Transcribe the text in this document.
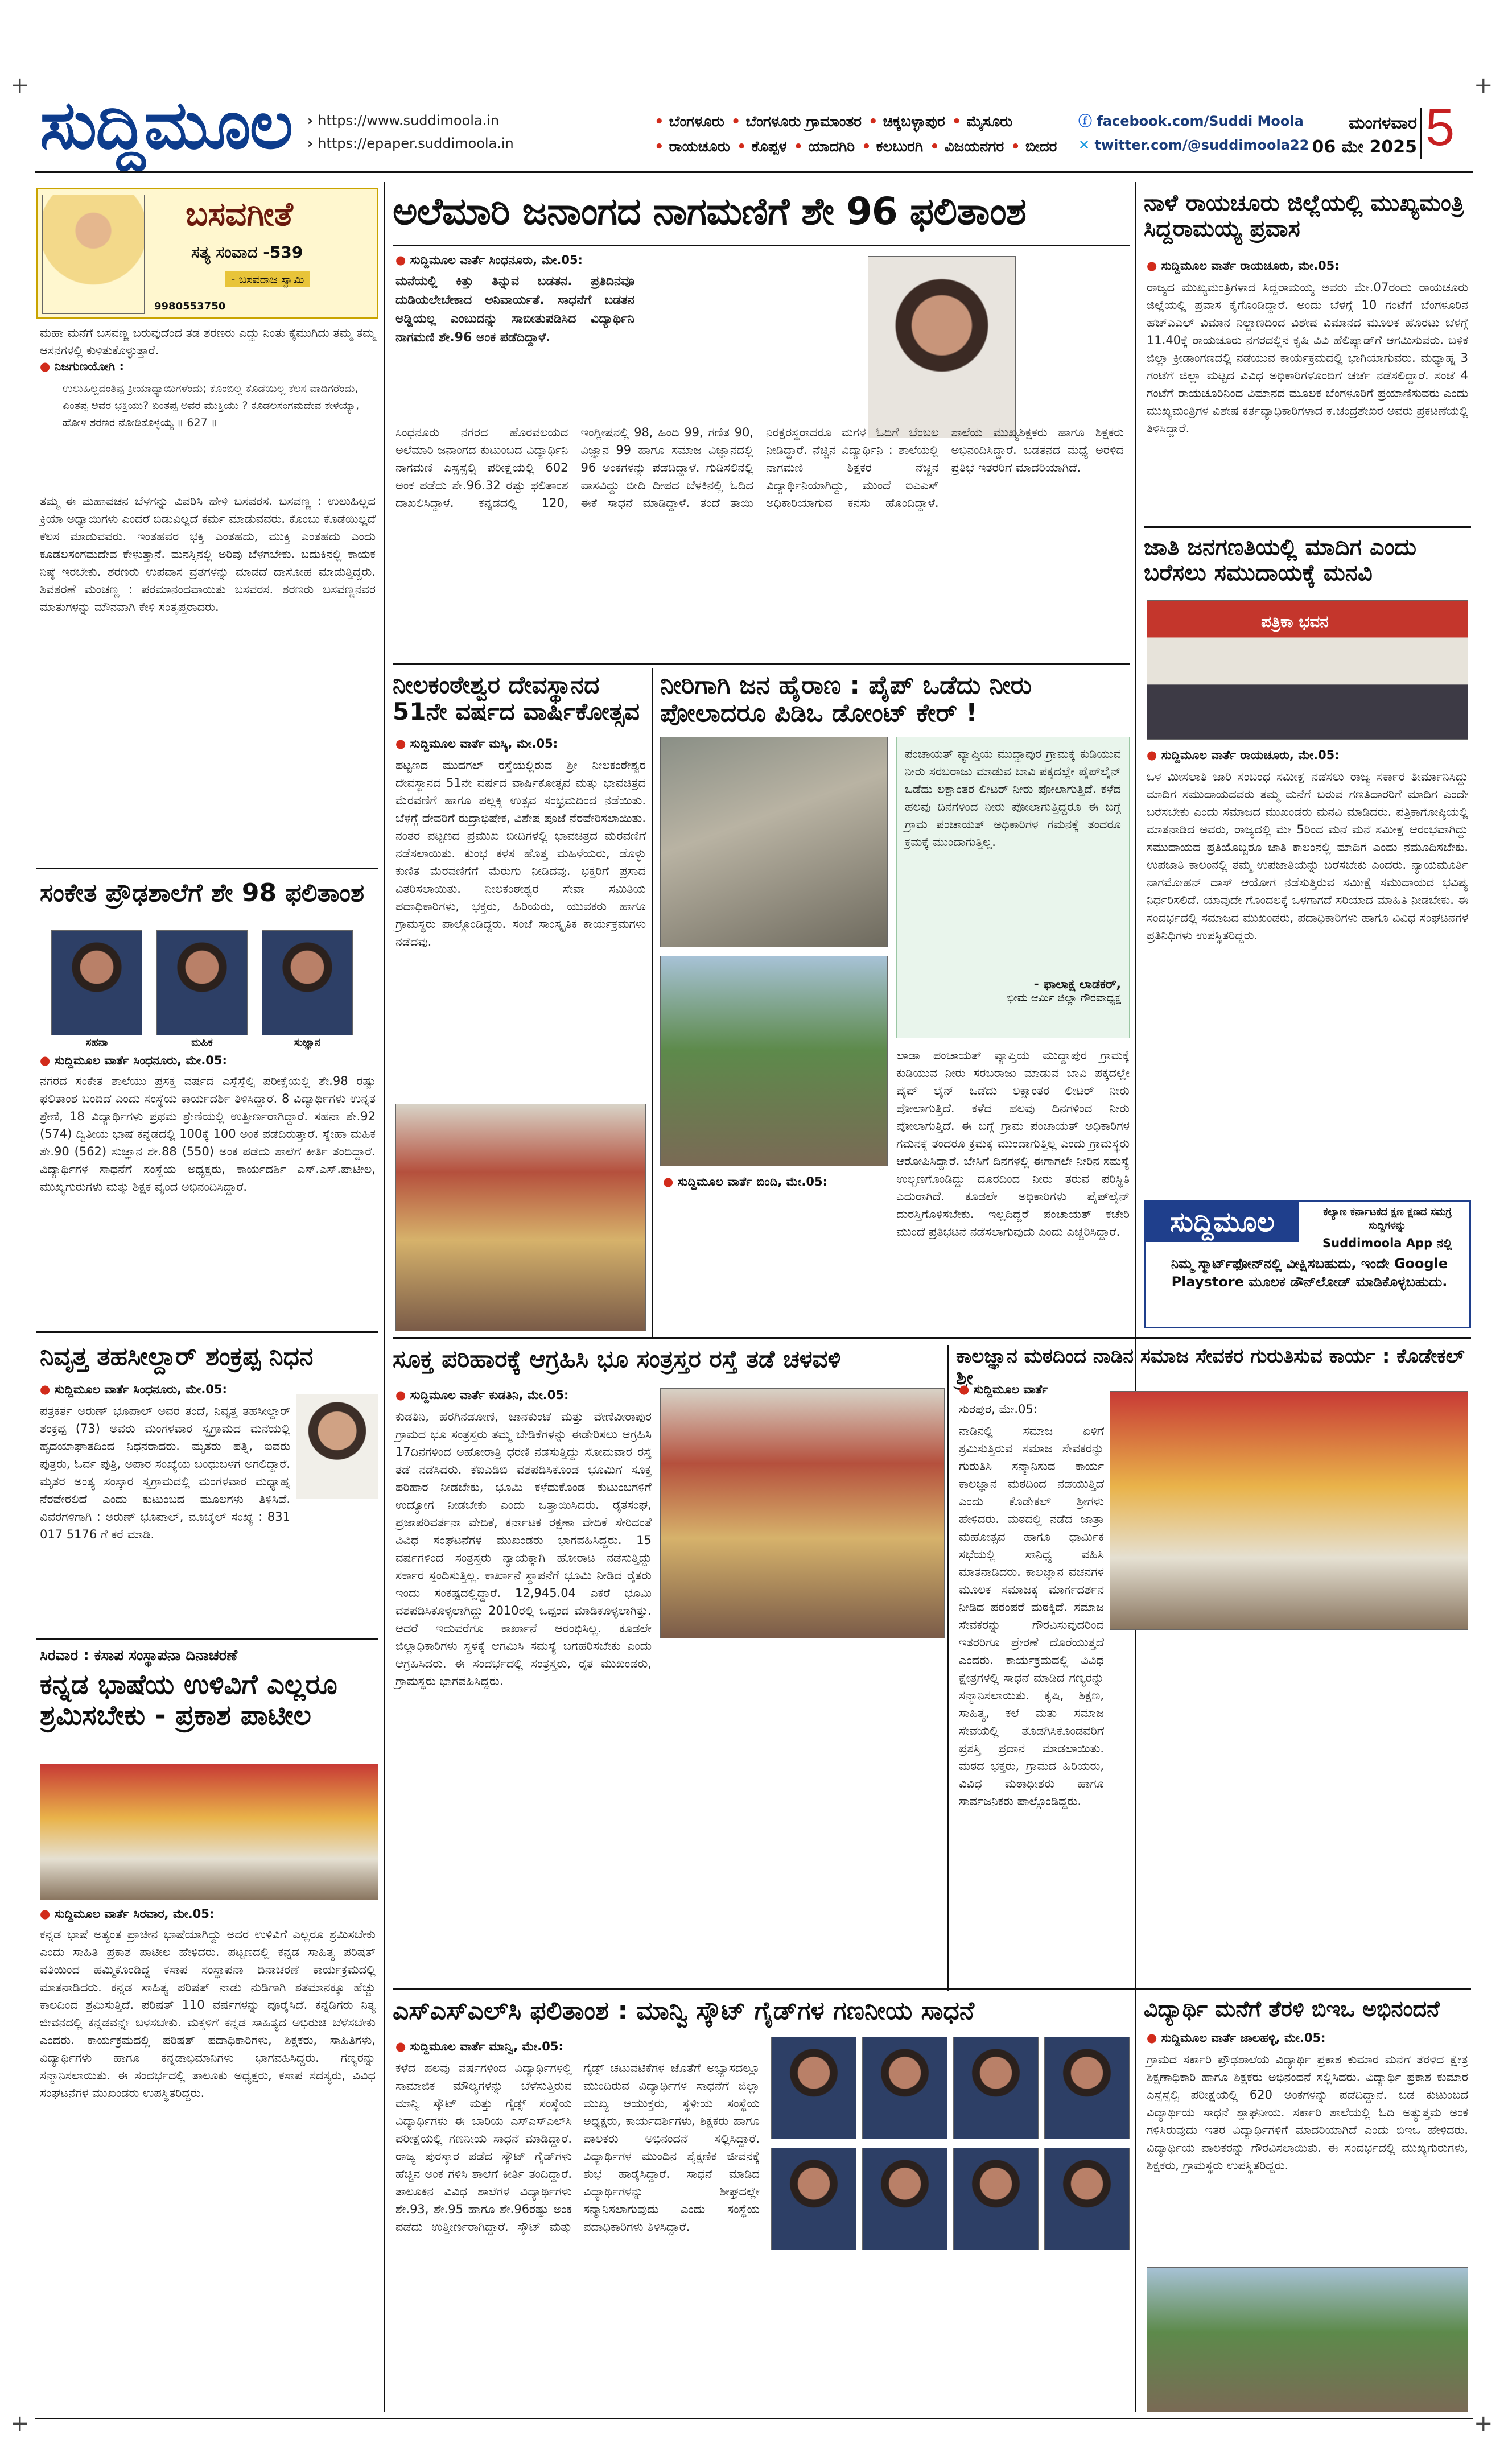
+	+
+	+
ಸುದ್ದಿಮೂಲ	› https://www.suddimoola.in
› https://epaper.suddimoola.in
• ಬೆಂಗಳೂರು • ಬೆಂಗಳೂರು ಗ್ರಾಮಾಂತರ • ಚಿಕ್ಕಬಳ್ಳಾಪುರ • ಮೈಸೂರು
• ರಾಯಚೂರು • ಕೊಪ್ಪಳ • ಯಾದಗಿರಿ • ಕಲಬುರಗಿ • ವಿಜಯನಗರ • ಬೀದರ
ⓕ facebook.com/Suddi Moola
✕ twitter.com/@suddimoola22
ಮಂಗಳವಾರ
06 ಮೇ 2025 5
ಬಸವಗೀತೆ
ಸತ್ಯ ಸಂವಾದ -539
- ಬಸವರಾಜ ಸ್ವಾಮಿ
9980553750
ಮಹಾ ಮನೆಗೆ ಬಸವಣ್ಣ ಬರುವುದೆಂದ ತಡ ಶರಣರು ಎದ್ದು ನಿಂತು ಕೈಮುಗಿದು ತಮ್ಮ ತಮ್ಮ ಆಸನಗಳಲ್ಲಿ ಕುಳಿತುಕೊಳ್ಳುತ್ತಾರೆ.
● ನಿಜಗುಣಯೋಗಿ :
ಉಲುಹಿಲ್ಲದಂತಿಪ್ಪ ಕ್ರೀಯಾಧ್ಯಾಯಿಗಳೆಂದು; ಕೊಂಬಿಲ್ಲ ಕೊಡೆಯಿಲ್ಲ ಕೆಲಸ ವಾದಿಗರೆಂದು, ಏಂತಪ್ಪ ಅವರ ಭಕ್ತಿಯು? ಏಂತಪ್ಪ ಅವರ ಮುಕ್ತಿಯು ? ಕೂಡಲಸಂಗಮದೇವ ಕೇಳಯ್ಯಾ, ಹೋಳಿ ಶರಣರ ನೋಡಿಕೊಳ್ಳಯ್ಯ ॥ 627 ॥
ತಮ್ಮ ಈ ಮಹಾವಚನ ಬೆಳಗನ್ನು ವಿವರಿಸಿ ಹೇಳಿ ಬಸವರಸ. ಬಸವಣ್ಣ : ಉಲುಹಿಲ್ಲದ ಕ್ರಿಯಾ ಅಧ್ಯಾಯಿಗಳು ಎಂದರೆ ಬಿಡುವಿಲ್ಲದೆ ಕರ್ಮ ಮಾಡುವವರು. ಕೊಂಬು ಕೊಡೆಯಿಲ್ಲದೆ ಕೆಲಸ ಮಾಡುವವರು. ಇಂತಹವರ ಭಕ್ತಿ ಎಂತಹದು, ಮುಕ್ತಿ ಎಂತಹದು ಎಂದು ಕೂಡಲಸಂಗಮದೇವ ಕೇಳುತ್ತಾನೆ. ಮನಸ್ಸಿನಲ್ಲಿ ಅರಿವು ಬೆಳಗಬೇಕು. ಬದುಕಿನಲ್ಲಿ ಕಾಯಕ ನಿಷ್ಠೆ ಇರಬೇಕು. ಶರಣರು ಉಪವಾಸ ವ್ರತಗಳನ್ನು ಮಾಡದೆ ದಾಸೋಹ ಮಾಡುತ್ತಿದ್ದರು. ಶಿವಶರಣೆ ಮಂಚಣ್ಣ : ಪರಮಾನಂದವಾಯಿತು ಬಸವರಸ. ಶರಣರು ಬಸವಣ್ಣನವರ ಮಾತುಗಳನ್ನು ಮೌನವಾಗಿ ಕೇಳಿ ಸಂತೃಪ್ತರಾದರು.
ಸಂಕೇತ ಪ್ರೌಢಶಾಲೆಗೆ ಶೇ 98 ಫಲಿತಾಂಶ
ಸಹನಾ	ಮಹಿಕ	ಸುಜ್ಞಾನ
● ಸುದ್ದಿಮೂಲ ವಾರ್ತೆ ಸಿಂಧನೂರು, ಮೇ.05:
ನಗರದ ಸಂಕೇತ ಶಾಲೆಯು ಪ್ರಸಕ್ತ ವರ್ಷದ ಎಸ್ಸೆಸ್ಸೆಲ್ಸಿ ಪರೀಕ್ಷೆಯಲ್ಲಿ ಶೇ.98 ರಷ್ಟು ಫಲಿತಾಂಶ ಬಂದಿದೆ ಎಂದು ಸಂಸ್ಥೆಯ ಕಾರ್ಯದರ್ಶಿ ತಿಳಿಸಿದ್ದಾರೆ. 8 ವಿದ್ಯಾರ್ಥಿಗಳು ಉನ್ನತ ಶ್ರೇಣಿ, 18 ವಿದ್ಯಾರ್ಥಿಗಳು ಪ್ರಥಮ ಶ್ರೇಣಿಯಲ್ಲಿ ಉತ್ತೀರ್ಣರಾಗಿದ್ದಾರೆ. ಸಹನಾ ಶೇ.92 (574) ದ್ವಿತೀಯ ಭಾಷೆ ಕನ್ನಡದಲ್ಲಿ 100ಕ್ಕೆ 100 ಅಂಕ ಪಡೆದಿರುತ್ತಾರೆ. ಸ್ನೇಹಾ ಮಹಿಕ ಶೇ.90 (562) ಸುಜ್ಞಾನ ಶೇ.88 (550) ಅಂಕ ಪಡೆದು ಶಾಲೆಗೆ ಕೀರ್ತಿ ತಂದಿದ್ದಾರೆ. ವಿದ್ಯಾರ್ಥಿಗಳ ಸಾಧನೆಗೆ ಸಂಸ್ಥೆಯ ಅಧ್ಯಕ್ಷರು, ಕಾರ್ಯದರ್ಶಿ ಎಸ್.ಎಸ್.ಪಾಟೀಲ, ಮುಖ್ಯಗುರುಗಳು ಮತ್ತು ಶಿಕ್ಷಕ ವೃಂದ ಅಭಿನಂದಿಸಿದ್ದಾರೆ.
ನಿವೃತ್ತ ತಹಸೀಲ್ದಾರ್ ಶಂಕ್ರಪ್ಪ ನಿಧನ
● ಸುದ್ದಿಮೂಲ ವಾರ್ತೆ ಸಿಂಧನೂರು, ಮೇ.05:
ಪತ್ರಕರ್ತ ಅರುಣ್ ಭೂಪಾಲ್ ಅವರ ತಂದೆ, ನಿವೃತ್ತ ತಹಸೀಲ್ದಾರ್ ಶಂಕ್ರಪ್ಪ (73) ಅವರು ಮಂಗಳವಾರ ಸ್ವಗ್ರಾಮದ ಮನೆಯಲ್ಲಿ ಹೃದಯಾಘಾತದಿಂದ ನಿಧನರಾದರು. ಮೃತರು ಪತ್ನಿ, ಐವರು ಪುತ್ರರು, ಓರ್ವ ಪುತ್ರಿ, ಅಪಾರ ಸಂಖ್ಯೆಯ ಬಂಧುಬಳಗ ಅಗಲಿದ್ದಾರೆ. ಮೃತರ ಅಂತ್ಯ ಸಂಸ್ಕಾರ ಸ್ವಗ್ರಾಮದಲ್ಲಿ ಮಂಗಳವಾರ ಮಧ್ಯಾಹ್ನ ನೆರವೇರಲಿದೆ ಎಂದು ಕುಟುಂಬದ ಮೂಲಗಳು ತಿಳಿಸಿವೆ. ವಿವರಗಳಿಗಾಗಿ : ಅರುಣ್ ಭೂಪಾಲ್, ಮೊಬೈಲ್ ಸಂಖ್ಯೆ : 831 017 5176 ಗೆ ಕರೆ ಮಾಡಿ.
ಸಿರವಾರ : ಕಸಾಪ ಸಂಸ್ಥಾಪನಾ ದಿನಾಚರಣೆ
ಕನ್ನಡ ಭಾಷೆಯ ಉಳಿವಿಗೆ ಎಲ್ಲರೂ ಶ್ರಮಿಸಬೇಕು - ಪ್ರಕಾಶ ಪಾಟೀಲ
● ಸುದ್ದಿಮೂಲ ವಾರ್ತೆ ಸಿರವಾರ, ಮೇ.05:
ಕನ್ನಡ ಭಾಷೆ ಅತ್ಯಂತ ಪ್ರಾಚೀನ ಭಾಷೆಯಾಗಿದ್ದು ಅದರ ಉಳಿವಿಗೆ ಎಲ್ಲರೂ ಶ್ರಮಿಸಬೇಕು ಎಂದು ಸಾಹಿತಿ ಪ್ರಕಾಶ ಪಾಟೀಲ ಹೇಳಿದರು. ಪಟ್ಟಣದಲ್ಲಿ ಕನ್ನಡ ಸಾಹಿತ್ಯ ಪರಿಷತ್ ವತಿಯಿಂದ ಹಮ್ಮಿಕೊಂಡಿದ್ದ ಕಸಾಪ ಸಂಸ್ಥಾಪನಾ ದಿನಾಚರಣೆ ಕಾರ್ಯಕ್ರಮದಲ್ಲಿ ಮಾತನಾಡಿದರು. ಕನ್ನಡ ಸಾಹಿತ್ಯ ಪರಿಷತ್ ನಾಡು ನುಡಿಗಾಗಿ ಶತಮಾನಕ್ಕೂ ಹೆಚ್ಚು ಕಾಲದಿಂದ ಶ್ರಮಿಸುತ್ತಿದೆ. ಪರಿಷತ್ 110 ವರ್ಷಗಳನ್ನು ಪೂರೈಸಿದೆ. ಕನ್ನಡಿಗರು ನಿತ್ಯ ಜೀವನದಲ್ಲಿ ಕನ್ನಡವನ್ನೇ ಬಳಸಬೇಕು. ಮಕ್ಕಳಿಗೆ ಕನ್ನಡ ಸಾಹಿತ್ಯದ ಅಭಿರುಚಿ ಬೆಳೆಸಬೇಕು ಎಂದರು. ಕಾರ್ಯಕ್ರಮದಲ್ಲಿ ಪರಿಷತ್ ಪದಾಧಿಕಾರಿಗಳು, ಶಿಕ್ಷಕರು, ಸಾಹಿತಿಗಳು, ವಿದ್ಯಾರ್ಥಿಗಳು ಹಾಗೂ ಕನ್ನಡಾಭಿಮಾನಿಗಳು ಭಾಗವಹಿಸಿದ್ದರು. ಗಣ್ಯರನ್ನು ಸನ್ಮಾನಿಸಲಾಯಿತು. ಈ ಸಂದರ್ಭದಲ್ಲಿ ತಾಲೂಕು ಅಧ್ಯಕ್ಷರು, ಕಸಾಪ ಸದಸ್ಯರು, ವಿವಿಧ ಸಂಘಟನೆಗಳ ಮುಖಂಡರು ಉಪಸ್ಥಿತರಿದ್ದರು.
ಅಲೆಮಾರಿ ಜನಾಂಗದ ನಾಗಮಣಿಗೆ ಶೇ 96 ಫಲಿತಾಂಶ
● ಸುದ್ದಿಮೂಲ ವಾರ್ತೆ ಸಿಂಧನೂರು, ಮೇ.05:
ಮನೆಯಲ್ಲಿ ಕಿತ್ತು ತಿನ್ನುವ ಬಡತನ. ಪ್ರತಿದಿನವೂ ದುಡಿಯಲೇಬೇಕಾದ ಅನಿವಾರ್ಯತೆ. ಸಾಧನೆಗೆ ಬಡತನ ಅಡ್ಡಿಯಲ್ಲ ಎಂಬುದನ್ನು ಸಾಬೀತುಪಡಿಸಿದ ವಿದ್ಯಾರ್ಥಿನಿ ನಾಗಮಣಿ ಶೇ.96 ಅಂಕ ಪಡೆದಿದ್ದಾಳೆ.
ಸಿಂಧನೂರು ನಗರದ ಹೊರವಲಯದ ಅಲೆಮಾರಿ ಜನಾಂಗದ ಕುಟುಂಬದ ವಿದ್ಯಾರ್ಥಿನಿ ನಾಗಮಣಿ ಎಸ್ಸೆಸ್ಸೆಲ್ಸಿ ಪರೀಕ್ಷೆಯಲ್ಲಿ 602 ಅಂಕ ಪಡೆದು ಶೇ.96.32 ರಷ್ಟು ಫಲಿತಾಂಶ ದಾಖಲಿಸಿದ್ದಾಳೆ. ಕನ್ನಡದಲ್ಲಿ 120, ಇಂಗ್ಲೀಷನಲ್ಲಿ 98, ಹಿಂದಿ 99, ಗಣಿತ 90, ವಿಜ್ಞಾನ 99 ಹಾಗೂ ಸಮಾಜ ವಿಜ್ಞಾನದಲ್ಲಿ 96 ಅಂಕಗಳನ್ನು ಪಡೆದಿದ್ದಾಳೆ. ಗುಡಿಸಲಿನಲ್ಲಿ ವಾಸವಿದ್ದು ಬೀದಿ ದೀಪದ ಬೆಳಕಿನಲ್ಲಿ ಓದಿದ ಈಕೆ ಸಾಧನೆ ಮಾಡಿದ್ದಾಳೆ. ತಂದೆ ತಾಯಿ ನಿರಕ್ಷರಸ್ಥರಾದರೂ ಮಗಳ ಓದಿಗೆ ಬೆಂಬಲ ನೀಡಿದ್ದಾರೆ. ನೆಚ್ಚಿನ ವಿದ್ಯಾರ್ಥಿನಿ : ಶಾಲೆಯಲ್ಲಿ ನಾಗಮಣಿ ಶಿಕ್ಷಕರ ನೆಚ್ಚಿನ ವಿದ್ಯಾರ್ಥಿನಿಯಾಗಿದ್ದು, ಮುಂದೆ ಐಎಎಸ್ ಅಧಿಕಾರಿಯಾಗುವ ಕನಸು ಹೊಂದಿದ್ದಾಳೆ. ಶಾಲೆಯ ಮುಖ್ಯಶಿಕ್ಷಕರು ಹಾಗೂ ಶಿಕ್ಷಕರು ಅಭಿನಂದಿಸಿದ್ದಾರೆ. ಬಡತನದ ಮಧ್ಯೆ ಅರಳಿದ ಪ್ರತಿಭೆ ಇತರರಿಗೆ ಮಾದರಿಯಾಗಿದೆ.
ನೀಲಕಂಠೇಶ್ವರ ದೇವಸ್ಥಾನದ 51ನೇ ವರ್ಷದ ವಾರ್ಷಿಕೋತ್ಸವ
● ಸುದ್ದಿಮೂಲ ವಾರ್ತೆ ಮಸ್ಕಿ, ಮೇ.05:
ಪಟ್ಟಣದ ಮುದಗಲ್ ರಸ್ತೆಯಲ್ಲಿರುವ ಶ್ರೀ ನೀಲಕಂಠೇಶ್ವರ ದೇವಸ್ಥಾನದ 51ನೇ ವರ್ಷದ ವಾರ್ಷಿಕೋತ್ಸವ ಮತ್ತು ಭಾವಚಿತ್ರದ ಮೆರವಣಿಗೆ ಹಾಗೂ ಪಲ್ಲಕ್ಕಿ ಉತ್ಸವ ಸಂಭ್ರಮದಿಂದ ನಡೆಯಿತು. ಬೆಳಗ್ಗೆ ದೇವರಿಗೆ ರುದ್ರಾಭಿಷೇಕ, ವಿಶೇಷ ಪೂಜೆ ನೆರವೇರಿಸಲಾಯಿತು. ನಂತರ ಪಟ್ಟಣದ ಪ್ರಮುಖ ಬೀದಿಗಳಲ್ಲಿ ಭಾವಚಿತ್ರದ ಮೆರವಣಿಗೆ ನಡೆಸಲಾಯಿತು. ಕುಂಭ ಕಳಸ ಹೊತ್ತ ಮಹಿಳೆಯರು, ಡೊಳ್ಳು ಕುಣಿತ ಮೆರವಣಿಗೆಗೆ ಮೆರುಗು ನೀಡಿದವು. ಭಕ್ತರಿಗೆ ಪ್ರಸಾದ ವಿತರಿಸಲಾಯಿತು. ನೀಲಕಂಠೇಶ್ವರ ಸೇವಾ ಸಮಿತಿಯ ಪದಾಧಿಕಾರಿಗಳು, ಭಕ್ತರು, ಹಿರಿಯರು, ಯುವಕರು ಹಾಗೂ ಗ್ರಾಮಸ್ಥರು ಪಾಲ್ಗೊಂಡಿದ್ದರು. ಸಂಜೆ ಸಾಂಸ್ಕೃತಿಕ ಕಾರ್ಯಕ್ರಮಗಳು ನಡೆದವು.
ನೀರಿಗಾಗಿ ಜನ ಹೈರಾಣ : ಪೈಪ್ ಒಡೆದು ನೀರು ಪೋಲಾದರೂ ಪಿಡಿಒ ಡೋಂಟ್ ಕೇರ್ !
ಪಂಚಾಯತ್ ವ್ಯಾಪ್ತಿಯ ಮುದ್ದಾಪುರ ಗ್ರಾಮಕ್ಕೆ ಕುಡಿಯುವ ನೀರು ಸರಬರಾಜು ಮಾಡುವ ಬಾವಿ ಪಕ್ಕದಲ್ಲೇ ಪೈಪ್‌ಲೈನ್ ಒಡೆದು ಲಕ್ಷಾಂತರ ಲೀಟರ್ ನೀರು ಪೋಲಾಗುತ್ತಿದೆ. ಕಳೆದ ಹಲವು ದಿನಗಳಿಂದ ನೀರು ಪೋಲಾಗುತ್ತಿದ್ದರೂ ಈ ಬಗ್ಗೆ ಗ್ರಾಮ ಪಂಚಾಯತ್ ಅಧಿಕಾರಿಗಳ ಗಮನಕ್ಕೆ ತಂದರೂ ಕ್ರಮಕ್ಕೆ ಮುಂದಾಗುತ್ತಿಲ್ಲ.
- ಫಾಲಾಕ್ಷ ಲಾಡಕರ್,
ಭೀಮ ಆರ್ಮಿ ಜಿಲ್ಲಾ ಗೌರವಾಧ್ಯಕ್ಷ
ಲಾಡಾ ಪಂಚಾಯತ್ ವ್ಯಾಪ್ತಿಯ ಮುದ್ದಾಪುರ ಗ್ರಾಮಕ್ಕೆ ಕುಡಿಯುವ ನೀರು ಸರಬರಾಜು ಮಾಡುವ ಬಾವಿ ಪಕ್ಕದಲ್ಲೇ ಪೈಪ್ ಲೈನ್ ಒಡೆದು ಲಕ್ಷಾಂತರ ಲೀಟರ್ ನೀರು ಪೋಲಾಗುತ್ತಿದೆ. ಕಳೆದ ಹಲವು ದಿನಗಳಿಂದ ನೀರು ಪೋಲಾಗುತ್ತಿದೆ. ಈ ಬಗ್ಗೆ ಗ್ರಾಮ ಪಂಚಾಯತ್ ಅಧಿಕಾರಿಗಳ ಗಮನಕ್ಕೆ ತಂದರೂ ಕ್ರಮಕ್ಕೆ ಮುಂದಾಗುತ್ತಿಲ್ಲ ಎಂದು ಗ್ರಾಮಸ್ಥರು ಆರೋಪಿಸಿದ್ದಾರೆ. ಬೇಸಿಗೆ ದಿನಗಳಲ್ಲಿ ಈಗಾಗಲೇ ನೀರಿನ ಸಮಸ್ಯೆ ಉಲ್ಬಣಗೊಂಡಿದ್ದು ದೂರದಿಂದ ನೀರು ತರುವ ಪರಿಸ್ಥಿತಿ ಎದುರಾಗಿದೆ. ಕೂಡಲೇ ಅಧಿಕಾರಿಗಳು ಪೈಪ್‌ಲೈನ್ ದುರಸ್ತಿಗೊಳಿಸಬೇಕು. ಇಲ್ಲದಿದ್ದರೆ ಪಂಚಾಯತ್ ಕಚೇರಿ ಮುಂದೆ ಪ್ರತಿಭಟನೆ ನಡೆಸಲಾಗುವುದು ಎಂದು ಎಚ್ಚರಿಸಿದ್ದಾರೆ.
● ಸುದ್ದಿಮೂಲ ವಾರ್ತೆ ಬಿಂದಿ, ಮೇ.05:
ಸೂಕ್ತ ಪರಿಹಾರಕ್ಕೆ ಆಗ್ರಹಿಸಿ ಭೂ ಸಂತ್ರಸ್ತರ ರಸ್ತೆ ತಡೆ ಚಳವಳಿ
● ಸುದ್ದಿಮೂಲ ವಾರ್ತೆ ಕುಡತಿನಿ, ಮೇ.05:
ಕುಡತಿನಿ, ಹರಗಿನಡೋಣಿ, ಜಾನೆಕುಂಟೆ ಮತ್ತು ವೇಣಿವೀರಾಪುರ ಗ್ರಾಮದ ಭೂ ಸಂತ್ರಸ್ತರು ತಮ್ಮ ಬೇಡಿಕೆಗಳನ್ನು ಈಡೇರಿಸಲು ಆಗ್ರಹಿಸಿ 17ದಿನಗಳಿಂದ ಅಹೋರಾತ್ರಿ ಧರಣಿ ನಡೆಸುತ್ತಿದ್ದು ಸೋಮವಾರ ರಸ್ತೆ ತಡೆ ನಡೆಸಿದರು. ಕೆಐಎಡಿಬಿ ವಶಪಡಿಸಿಕೊಂಡ ಭೂಮಿಗೆ ಸೂಕ್ತ ಪರಿಹಾರ ನೀಡಬೇಕು, ಭೂಮಿ ಕಳೆದುಕೊಂಡ ಕುಟುಂಬಗಳಿಗೆ ಉದ್ಯೋಗ ನೀಡಬೇಕು ಎಂದು ಒತ್ತಾಯಿಸಿದರು. ರೈತಸಂಘ, ಪ್ರಜಾಪರಿವರ್ತನಾ ವೇದಿಕೆ, ಕರ್ನಾಟಕ ರಕ್ಷಣಾ ವೇದಿಕೆ ಸೇರಿದಂತೆ ವಿವಿಧ ಸಂಘಟನೆಗಳ ಮುಖಂಡರು ಭಾಗವಹಿಸಿದ್ದರು. 15 ವರ್ಷಗಳಿಂದ ಸಂತ್ರಸ್ತರು ನ್ಯಾಯಕ್ಕಾಗಿ ಹೋರಾಟ ನಡೆಸುತ್ತಿದ್ದು ಸರ್ಕಾರ ಸ್ಪಂದಿಸುತ್ತಿಲ್ಲ. ಕಾರ್ಖಾನೆ ಸ್ಥಾಪನೆಗೆ ಭೂಮಿ ನೀಡಿದ ರೈತರು ಇಂದು ಸಂಕಷ್ಟದಲ್ಲಿದ್ದಾರೆ. 12,945.04 ಎಕರೆ ಭೂಮಿ ವಶಪಡಿಸಿಕೊಳ್ಳಲಾಗಿದ್ದು 2010ರಲ್ಲಿ ಒಪ್ಪಂದ ಮಾಡಿಕೊಳ್ಳಲಾಗಿತ್ತು. ಆದರೆ ಇದುವರೆಗೂ ಕಾರ್ಖಾನೆ ಆರಂಭಿಸಿಲ್ಲ. ಕೂಡಲೇ ಜಿಲ್ಲಾಧಿಕಾರಿಗಳು ಸ್ಥಳಕ್ಕೆ ಆಗಮಿಸಿ ಸಮಸ್ಯೆ ಬಗೆಹರಿಸಬೇಕು ಎಂದು ಆಗ್ರಹಿಸಿದರು. ಈ ಸಂದರ್ಭದಲ್ಲಿ ಸಂತ್ರಸ್ತರು, ರೈತ ಮುಖಂಡರು, ಗ್ರಾಮಸ್ಥರು ಭಾಗವಹಿಸಿದ್ದರು.
ಕಾಲಜ್ಞಾನ ಮಠದಿಂದ ನಾಡಿನ ಸಮಾಜ ಸೇವಕರ ಗುರುತಿಸುವ ಕಾರ್ಯ : ಕೊಡೇಕಲ್ ಶ್ರೀ ● ಸುದ್ದಿಮೂಲ ವಾರ್ತೆ
ಸುರಪುರ, ಮೇ.05:
ನಾಡಿನಲ್ಲಿ ಸಮಾಜ ಏಳಿಗೆ ಶ್ರಮಿಸುತ್ತಿರುವ ಸಮಾಜ ಸೇವಕರನ್ನು ಗುರುತಿಸಿ ಸನ್ಮಾನಿಸುವ ಕಾರ್ಯ ಕಾಲಜ್ಞಾನ ಮಠದಿಂದ ನಡೆಯುತ್ತಿದೆ ಎಂದು ಕೊಡೇಕಲ್ ಶ್ರೀಗಳು ಹೇಳಿದರು. ಮಠದಲ್ಲಿ ನಡೆದ ಜಾತ್ರಾ ಮಹೋತ್ಸವ ಹಾಗೂ ಧಾರ್ಮಿಕ ಸಭೆಯಲ್ಲಿ ಸಾನಿಧ್ಯ ವಹಿಸಿ ಮಾತನಾಡಿದರು. ಕಾಲಜ್ಞಾನ ವಚನಗಳ ಮೂಲಕ ಸಮಾಜಕ್ಕೆ ಮಾರ್ಗದರ್ಶನ ನೀಡಿದ ಪರಂಪರೆ ಮಠಕ್ಕಿದೆ. ಸಮಾಜ ಸೇವಕರನ್ನು ಗೌರವಿಸುವುದರಿಂದ ಇತರರಿಗೂ ಪ್ರೇರಣೆ ದೊರೆಯುತ್ತದೆ ಎಂದರು. ಕಾರ್ಯಕ್ರಮದಲ್ಲಿ ವಿವಿಧ ಕ್ಷೇತ್ರಗಳಲ್ಲಿ ಸಾಧನೆ ಮಾಡಿದ ಗಣ್ಯರನ್ನು ಸನ್ಮಾನಿಸಲಾಯಿತು. ಕೃಷಿ, ಶಿಕ್ಷಣ, ಸಾಹಿತ್ಯ, ಕಲೆ ಮತ್ತು ಸಮಾಜ ಸೇವೆಯಲ್ಲಿ ತೊಡಗಿಸಿಕೊಂಡವರಿಗೆ ಪ್ರಶಸ್ತಿ ಪ್ರದಾನ ಮಾಡಲಾಯಿತು. ಮಠದ ಭಕ್ತರು, ಗ್ರಾಮದ ಹಿರಿಯರು, ವಿವಿಧ ಮಠಾಧೀಶರು ಹಾಗೂ ಸಾರ್ವಜನಿಕರು ಪಾಲ್ಗೊಂಡಿದ್ದರು.
ಎಸ್‌ಎಸ್‌ಎಲ್‌ಸಿ ಫಲಿತಾಂಶ : ಮಾನ್ವಿ ಸ್ಕೌಟ್ ಗೈಡ್‌ಗಳ ಗಣನೀಯ ಸಾಧನೆ
● ಸುದ್ದಿಮೂಲ ವಾರ್ತೆ ಮಾನ್ವಿ, ಮೇ.05:
ಕಳೆದ ಹಲವು ವರ್ಷಗಳಿಂದ ವಿದ್ಯಾರ್ಥಿಗಳಲ್ಲಿ ಸಾಮಾಜಿಕ ಮೌಲ್ಯಗಳನ್ನು ಬೆಳೆಸುತ್ತಿರುವ ಮಾನ್ವಿ ಸ್ಕೌಟ್ ಮತ್ತು ಗೈಡ್ಸ್ ಸಂಸ್ಥೆಯ ವಿದ್ಯಾರ್ಥಿಗಳು ಈ ಬಾರಿಯ ಎಸ್‌ಎಸ್‌ಎಲ್‌ಸಿ ಪರೀಕ್ಷೆಯಲ್ಲಿ ಗಣನೀಯ ಸಾಧನೆ ಮಾಡಿದ್ದಾರೆ. ರಾಜ್ಯ ಪುರಸ್ಕಾರ ಪಡೆದ ಸ್ಕೌಟ್ ಗೈಡ್‌ಗಳು ಹೆಚ್ಚಿನ ಅಂಕ ಗಳಿಸಿ ಶಾಲೆಗೆ ಕೀರ್ತಿ ತಂದಿದ್ದಾರೆ. ತಾಲೂಕಿನ ವಿವಿಧ ಶಾಲೆಗಳ ವಿದ್ಯಾರ್ಥಿಗಳು ಶೇ.93, ಶೇ.95 ಹಾಗೂ ಶೇ.96ರಷ್ಟು ಅಂಕ ಪಡೆದು ಉತ್ತೀರ್ಣರಾಗಿದ್ದಾರೆ. ಸ್ಕೌಟ್ ಮತ್ತು ಗೈಡ್ಸ್ ಚಟುವಟಿಕೆಗಳ ಜೊತೆಗೆ ಅಭ್ಯಾಸದಲ್ಲೂ ಮುಂದಿರುವ ವಿದ್ಯಾರ್ಥಿಗಳ ಸಾಧನೆಗೆ ಜಿಲ್ಲಾ ಮುಖ್ಯ ಆಯುಕ್ತರು, ಸ್ಥಳೀಯ ಸಂಸ್ಥೆಯ ಅಧ್ಯಕ್ಷರು, ಕಾರ್ಯದರ್ಶಿಗಳು, ಶಿಕ್ಷಕರು ಹಾಗೂ ಪಾಲಕರು ಅಭಿನಂದನೆ ಸಲ್ಲಿಸಿದ್ದಾರೆ. ವಿದ್ಯಾರ್ಥಿಗಳ ಮುಂದಿನ ಶೈಕ್ಷಣಿಕ ಜೀವನಕ್ಕೆ ಶುಭ ಹಾರೈಸಿದ್ದಾರೆ. ಸಾಧನೆ ಮಾಡಿದ ವಿದ್ಯಾರ್ಥಿಗಳನ್ನು ಶೀಘ್ರದಲ್ಲೇ ಸನ್ಮಾನಿಸಲಾಗುವುದು ಎಂದು ಸಂಸ್ಥೆಯ ಪದಾಧಿಕಾರಿಗಳು ತಿಳಿಸಿದ್ದಾರೆ.
ನಾಳೆ ರಾಯಚೂರು ಜಿಲ್ಲೆಯಲ್ಲಿ ಮುಖ್ಯಮಂತ್ರಿ ಸಿದ್ದರಾಮಯ್ಯ ಪ್ರವಾಸ
● ಸುದ್ದಿಮೂಲ ವಾರ್ತೆ ರಾಯಚೂರು, ಮೇ.05:
ರಾಜ್ಯದ ಮುಖ್ಯಮಂತ್ರಿಗಳಾದ ಸಿದ್ದರಾಮಯ್ಯ ಅವರು ಮೇ.07ರಂದು ರಾಯಚೂರು ಜಿಲ್ಲೆಯಲ್ಲಿ ಪ್ರವಾಸ ಕೈಗೊಂಡಿದ್ದಾರೆ. ಅಂದು ಬೆಳಗ್ಗೆ 10 ಗಂಟೆಗೆ ಬೆಂಗಳೂರಿನ ಹೆಚ್‌ಎಎಲ್ ವಿಮಾನ ನಿಲ್ದಾಣದಿಂದ ವಿಶೇಷ ವಿಮಾನದ ಮೂಲಕ ಹೊರಟು ಬೆಳಗ್ಗೆ 11.40ಕ್ಕೆ ರಾಯಚೂರು ನಗರದಲ್ಲಿನ ಕೃಷಿ ವಿವಿ ಹೆಲಿಪ್ಯಾಡ್‌ಗೆ ಆಗಮಿಸುವರು. ಬಳಿಕ ಜಿಲ್ಲಾ ಕ್ರೀಡಾಂಗಣದಲ್ಲಿ ನಡೆಯುವ ಕಾರ್ಯಕ್ರಮದಲ್ಲಿ ಭಾಗಿಯಾಗುವರು. ಮಧ್ಯಾಹ್ನ 3 ಗಂಟೆಗೆ ಜಿಲ್ಲಾ ಮಟ್ಟದ ವಿವಿಧ ಅಧಿಕಾರಿಗಳೊಂದಿಗೆ ಚರ್ಚೆ ನಡೆಸಲಿದ್ದಾರೆ. ಸಂಜೆ 4 ಗಂಟೆಗೆ ರಾಯಚೂರಿನಿಂದ ವಿಮಾನದ ಮೂಲಕ ಬೆಂಗಳೂರಿಗೆ ಪ್ರಯಾಣಿಸುವರು ಎಂದು ಮುಖ್ಯಮಂತ್ರಿಗಳ ವಿಶೇಷ ಕರ್ತವ್ಯಾಧಿಕಾರಿಗಳಾದ ಕೆ.ಚಂದ್ರಶೇಖರ ಅವರು ಪ್ರಕಟಣೆಯಲ್ಲಿ ತಿಳಿಸಿದ್ದಾರೆ.
ಜಾತಿ ಜನಗಣತಿಯಲ್ಲಿ ಮಾದಿಗ ಎಂದು ಬರೆಸಲು ಸಮುದಾಯಕ್ಕೆ ಮನವಿ
ಪತ್ರಿಕಾ ಭವನ
● ಸುದ್ದಿಮೂಲ ವಾರ್ತೆ ರಾಯಚೂರು, ಮೇ.05:
ಒಳ ಮೀಸಲಾತಿ ಜಾರಿ ಸಂಬಂಧ ಸಮೀಕ್ಷೆ ನಡೆಸಲು ರಾಜ್ಯ ಸರ್ಕಾರ ತೀರ್ಮಾನಿಸಿದ್ದು ಮಾದಿಗ ಸಮುದಾಯದವರು ತಮ್ಮ ಮನೆಗೆ ಬರುವ ಗಣತಿದಾರರಿಗೆ ಮಾದಿಗ ಎಂದೇ ಬರೆಸಬೇಕು ಎಂದು ಸಮಾಜದ ಮುಖಂಡರು ಮನವಿ ಮಾಡಿದರು. ಪತ್ರಿಕಾಗೋಷ್ಠಿಯಲ್ಲಿ ಮಾತನಾಡಿದ ಅವರು, ರಾಜ್ಯದಲ್ಲಿ ಮೇ 5ರಿಂದ ಮನೆ ಮನೆ ಸಮೀಕ್ಷೆ ಆರಂಭವಾಗಿದ್ದು ಸಮುದಾಯದ ಪ್ರತಿಯೊಬ್ಬರೂ ಜಾತಿ ಕಾಲಂನಲ್ಲಿ ಮಾದಿಗ ಎಂದು ನಮೂದಿಸಬೇಕು. ಉಪಜಾತಿ ಕಾಲಂನಲ್ಲಿ ತಮ್ಮ ಉಪಜಾತಿಯನ್ನು ಬರೆಸಬೇಕು ಎಂದರು. ನ್ಯಾಯಮೂರ್ತಿ ನಾಗಮೋಹನ್ ದಾಸ್ ಆಯೋಗ ನಡೆಸುತ್ತಿರುವ ಸಮೀಕ್ಷೆ ಸಮುದಾಯದ ಭವಿಷ್ಯ ನಿರ್ಧರಿಸಲಿದೆ. ಯಾವುದೇ ಗೊಂದಲಕ್ಕೆ ಒಳಗಾಗದೆ ಸರಿಯಾದ ಮಾಹಿತಿ ನೀಡಬೇಕು. ಈ ಸಂದರ್ಭದಲ್ಲಿ ಸಮಾಜದ ಮುಖಂಡರು, ಪದಾಧಿಕಾರಿಗಳು ಹಾಗೂ ವಿವಿಧ ಸಂಘಟನೆಗಳ ಪ್ರತಿನಿಧಿಗಳು ಉಪಸ್ಥಿತರಿದ್ದರು.
ಸುದ್ದಿಮೂಲ	ಕಲ್ಯಾಣ ಕರ್ನಾಟಕದ ಕ್ಷಣ ಕ್ಷಣದ ಸಮಗ್ರ ಸುದ್ದಿಗಳನ್ನು
Suddimoola App ನಲ್ಲಿ
ನಿಮ್ಮ ಸ್ಮಾರ್ಟ್‌ಫೋನ್‌ನಲ್ಲಿ ವೀಕ್ಷಿಸಬಹುದು, ಇಂದೇ Google Playstore ಮೂಲಕ ಡೌನ್‌ಲೋಡ್ ಮಾಡಿಕೊಳ್ಳಬಹುದು.
ವಿದ್ಯಾರ್ಥಿ ಮನೆಗೆ ತೆರಳಿ ಬಿಇಒ ಅಭಿನಂದನೆ
● ಸುದ್ದಿಮೂಲ ವಾರ್ತೆ ಜಾಲಹಳ್ಳಿ, ಮೇ.05:
ಗ್ರಾಮದ ಸರ್ಕಾರಿ ಪ್ರೌಢಶಾಲೆಯ ವಿದ್ಯಾರ್ಥಿ ಪ್ರಕಾಶ ಕುಮಾರ ಮನೆಗೆ ತೆರಳಿದ ಕ್ಷೇತ್ರ ಶಿಕ್ಷಣಾಧಿಕಾರಿ ಹಾಗೂ ಶಿಕ್ಷಕರು ಅಭಿನಂದನೆ ಸಲ್ಲಿಸಿದರು. ವಿದ್ಯಾರ್ಥಿ ಪ್ರಕಾಶ ಕುಮಾರ ಎಸ್ಸೆಸ್ಸೆಲ್ಸಿ ಪರೀಕ್ಷೆಯಲ್ಲಿ 620 ಅಂಕಗಳನ್ನು ಪಡೆದಿದ್ದಾನೆ. ಬಡ ಕುಟುಂಬದ ವಿದ್ಯಾರ್ಥಿಯ ಸಾಧನೆ ಶ್ಲಾಘನೀಯ. ಸರ್ಕಾರಿ ಶಾಲೆಯಲ್ಲಿ ಓದಿ ಅತ್ಯುತ್ತಮ ಅಂಕ ಗಳಿಸಿರುವುದು ಇತರ ವಿದ್ಯಾರ್ಥಿಗಳಿಗೆ ಮಾದರಿಯಾಗಿದೆ ಎಂದು ಬಿಇಒ ಹೇಳಿದರು. ವಿದ್ಯಾರ್ಥಿಯ ಪಾಲಕರನ್ನು ಗೌರವಿಸಲಾಯಿತು. ಈ ಸಂದರ್ಭದಲ್ಲಿ ಮುಖ್ಯಗುರುಗಳು, ಶಿಕ್ಷಕರು, ಗ್ರಾಮಸ್ಥರು ಉಪಸ್ಥಿತರಿದ್ದರು.
